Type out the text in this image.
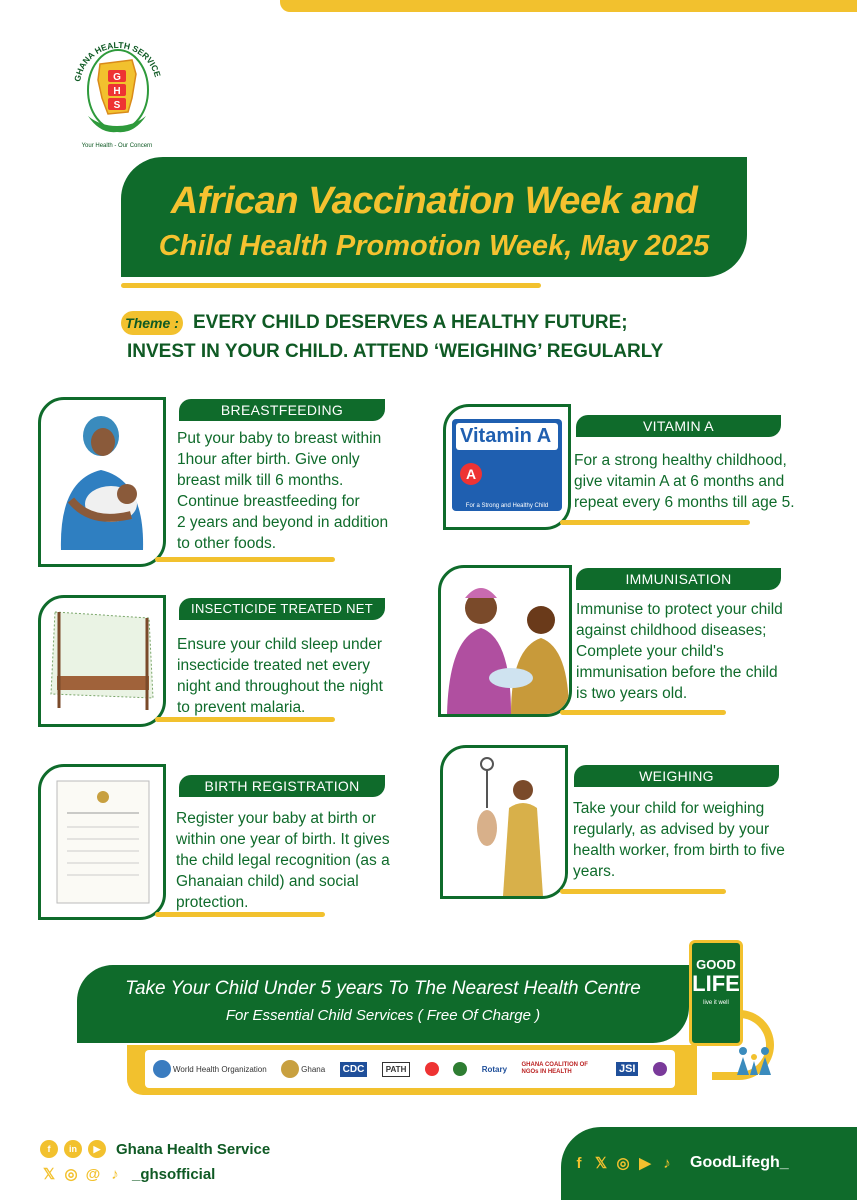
GHANA HEALTH SERVICE
G
H
S
Your Health - Our Concern
African Vaccination Week and
Child Health Promotion Week, May 2025
Theme : EVERY CHILD DESERVES A HEALTHY FUTURE;
INVEST IN YOUR CHILD. ATTEND ‘WEIGHING’ REGULARLY
BREASTFEEDING
Put your baby to breast within
1hour after birth. Give only
breast milk till 6 months.
Continue breastfeeding for
2 years and beyond in addition
to other foods.
Vitamin A
A
For a Strong and Healthy Child
VITAMIN A
For a strong healthy childhood,
give vitamin A at 6 months and
repeat every 6 months till age 5.
INSECTICIDE TREATED NET
Ensure your child sleep under
insecticide treated net every
night and throughout the night
to prevent malaria.
IMMUNISATION
Immunise to protect your child
against childhood diseases;
Complete your child's
immunisation before the child
is two years old.
BIRTH REGISTRATION
Register your baby at birth or
within one year of birth. It gives
the child legal recognition (as a
Ghanaian child) and social
protection.
WEIGHING
Take your child for weighing
regularly, as advised by your
health worker, from birth to five
years.
Take Your Child Under 5 years To The Nearest Health Centre
For Essential Child Services ( Free Of Charge )
World Health Organization	Ghana	CDC	PATH	Rotary GHANA COALITION OF NGOs IN HEALTH	JSI
GOOD
LIFE
live it well
f	in	▶	Ghana Health Service
𝕏 ◎ @ ♪ _ghsofficial
f 𝕏 ◎ ▶ ♪	GoodLifegh_
